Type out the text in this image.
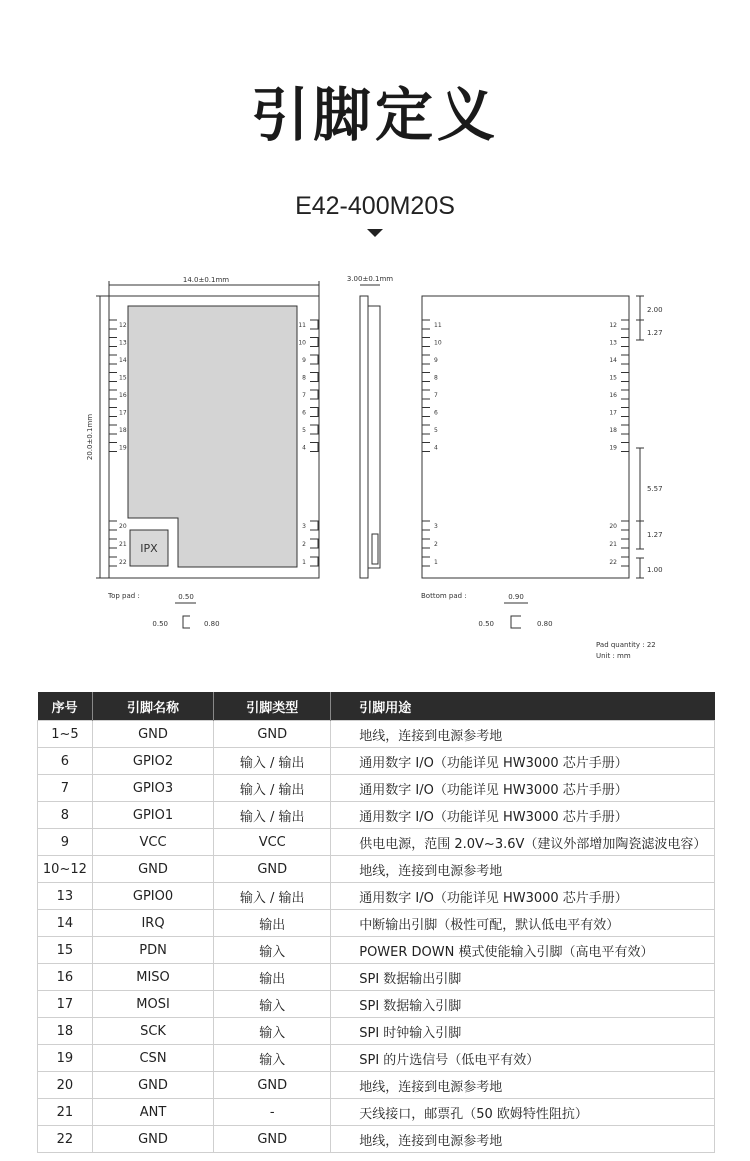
引脚定义
E42-400M20S
IPX
12
13
14
15
16
17
18
19
20
21
22
11
10
9
8
7
6
5
4
3
2
1
11
10
9
8
7
6
5
4
3
2
1
12
13
14
15
16
17
18
19
20
21
22
14.0±0.1mm
20.0±0.1mm
3.00±0.1mm
2.00
1.27
5.57
1.27
1.00
Top pad :	0.50
0.50	0.80
Bottom pad :	0.90
0.50	0.80
Pad quantity : 22
Unit : mm
序号	引脚名称	引脚类型	引脚用途
1~5	GND	GND	地线，连接到电源参考地
6	GPIO2	输入 / 输出	通用数字 I/O（功能详见 HW3000 芯片手册）
7	GPIO3	输入 / 输出	通用数字 I/O（功能详见 HW3000 芯片手册）
8	GPIO1	输入 / 输出	通用数字 I/O（功能详见 HW3000 芯片手册）
9	VCC	VCC	供电电源，范围 2.0V~3.6V（建议外部增加陶瓷滤波电容）
10~12	GND	GND	地线，连接到电源参考地
13	GPIO0	输入 / 输出	通用数字 I/O（功能详见 HW3000 芯片手册）
14	IRQ	输出	中断输出引脚（极性可配，默认低电平有效）
15	PDN	输入	POWER DOWN 模式使能输入引脚（高电平有效）
16	MISO	输出	SPI 数据输出引脚
17	MOSI	输入	SPI 数据输入引脚
18	SCK	输入	SPI 时钟输入引脚
19	CSN	输入	SPI 的片选信号（低电平有效）
20	GND	GND	地线，连接到电源参考地
21	ANT	-	天线接口，邮票孔（50 欧姆特性阻抗）
22	GND	GND	地线，连接到电源参考地
